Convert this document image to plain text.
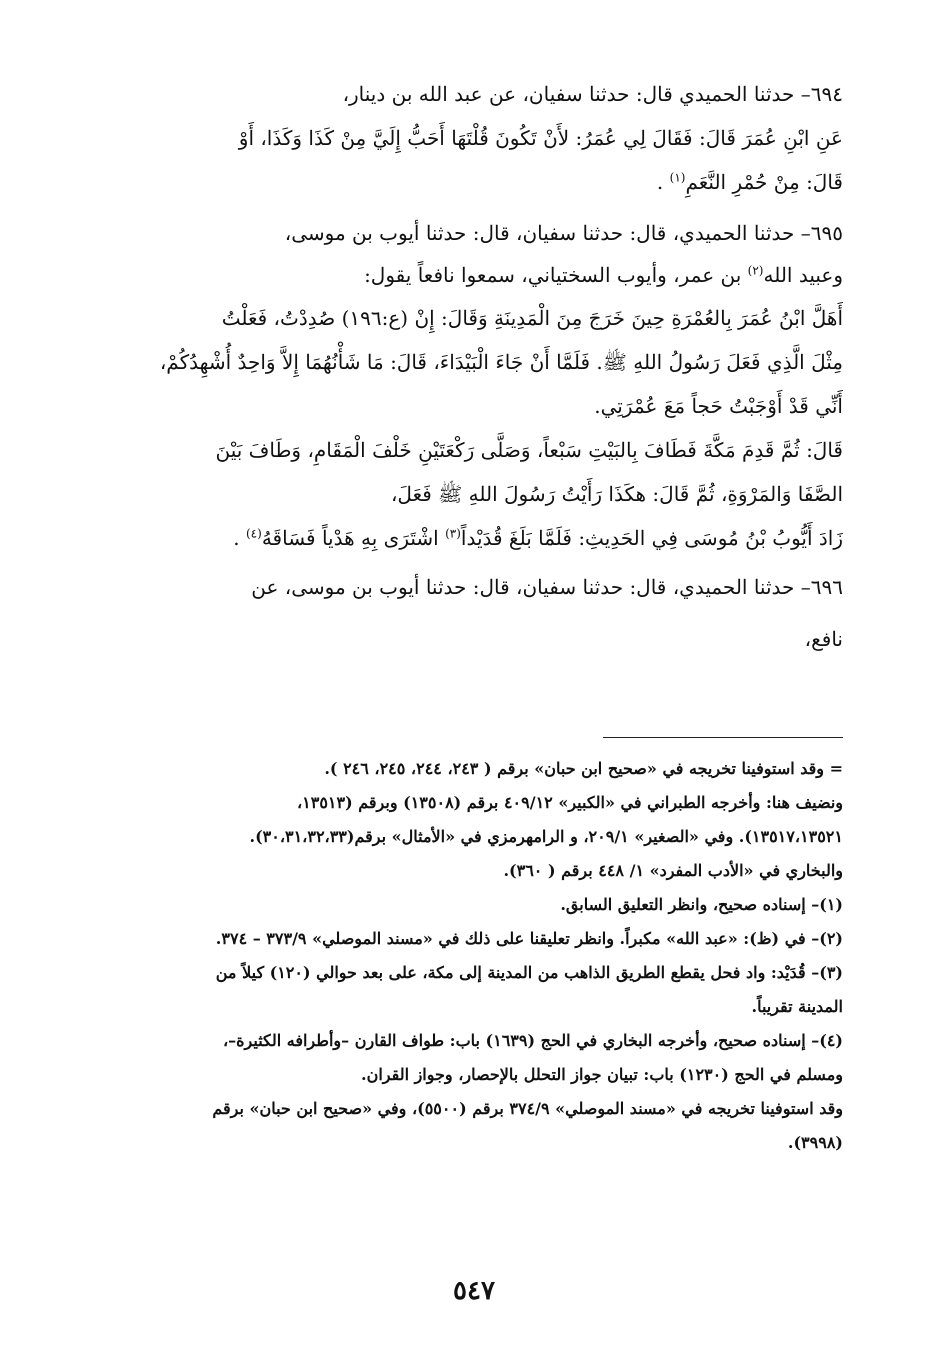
٦٩٤– حدثنا الحميدي قال: حدثنا سفيان، عن عبد الله بن دينار،
عَنِ ابْنِ عُمَرَ قَالَ: فَقَالَ لِي عُمَرُ: لأَنْ تَكُونَ قُلْتَهَا أَحَبُّ إِلَيَّ مِنْ كَذَا وَكَذَا، أَوْ
قَالَ: مِنْ حُمْرِ النَّعَمِ$^{(١)}$ .
٦٩٥– حدثنا الحميدي، قال: حدثنا سفيان، قال: حدثنا أيوب بن موسى،
وعبيد الله$^{(٢)}$ بن عمر، وأيوب السختياني، سمعوا نافعاً يقول:
أَهَلَّ ابْنُ عُمَرَ بِالعُمْرَةِ حِينَ خَرَجَ مِنَ الْمَدِينَةِ وَقَالَ: إِنْ (ع:١٩٦) صُدِدْتُ، فَعَلْتُ
مِثْلَ الَّذِي فَعَلَ رَسُولُ اللهِ ﷺ. فَلَمَّا أَنْ جَاءَ الْبَيْدَاءَ، قَالَ: مَا شَأْنُهُمَا إِلاَّ وَاحِدٌ أُشْهِدُكُمْ،
أَنِّي قَدْ أَوْجَبْتُ حَجاً مَعَ عُمْرَتِي.
قَالَ: ثُمَّ قَدِمَ مَكَّةَ فَطَافَ بِالبَيْتِ سَبْعاً، وَصَلَّى رَكْعَتَيْنِ خَلْفَ الْمَقَامِ، وَطَافَ بَيْنَ
الصَّفَا وَالمَرْوَةِ، ثُمَّ قَالَ: هكَذَا رَأَيْتُ رَسُولَ اللهِ ﷺ فَعَلَ،
زَادَ أَيُّوبُ بْنُ مُوسَى فِي الحَدِيثِ: فَلَمَّا بَلَغَ قُدَيْداً$^{(٣)}$ اشْتَرَى بِهِ هَدْياً فَسَاقَهُ$^{(٤)}$ .
٦٩٦– حدثنا الحميدي، قال: حدثنا سفيان، قال: حدثنا أيوب بن موسى، عن
نافع،
= وقد استوفينا تخريجه في «صحيح ابن حبان» برقم ( ٢٤٣، ٢٤٤، ٢٤٥، ٢٤٦ ).
ونضيف هنا: وأخرجه الطبراني في «الكبير» ٤٠٩/١٢ برقم (١٣٥٠٨) وبرقم (١٣٥١٣،
١٣٥١٧،١٣٥٢١). وفي «الصغير» ٢٠٩/١، و الرامهرمزي في «الأمثال» برقم(٣٠،٣١،٣٢،٣٣).
والبخاري في «الأدب المفرد» ١/ ٤٤٨ برقم ( ٣٦٠).
(١)– إسناده صحيح، وانظر التعليق السابق.
(٢)– في (ظ): «عبد الله» مكبراً. وانظر تعليقنا على ذلك في «مسند الموصلي» ٣٧٣/٩ – ٣٧٤.
(٣)– قُدَيْد: واد فحل يقطع الطريق الذاهب من المدينة إلى مكة، على بعد حوالي (١٢٠) كيلاً من
المدينة تقريباً.
(٤)– إسناده صحيح، وأخرجه البخاري في الحج (١٦٣٩) باب: طواف القارن –وأطرافه الكثيرة–،
ومسلم في الحج (١٢٣٠) باب: تبيان جواز التحلل بالإحصار، وجواز القران.
وقد استوفينا تخريجه في «مسند الموصلي» ٣٧٤/٩ برقم (٥٥٠٠)، وفي «صحيح ابن حبان» برقم
(٣٩٩٨).
٥٤٧
